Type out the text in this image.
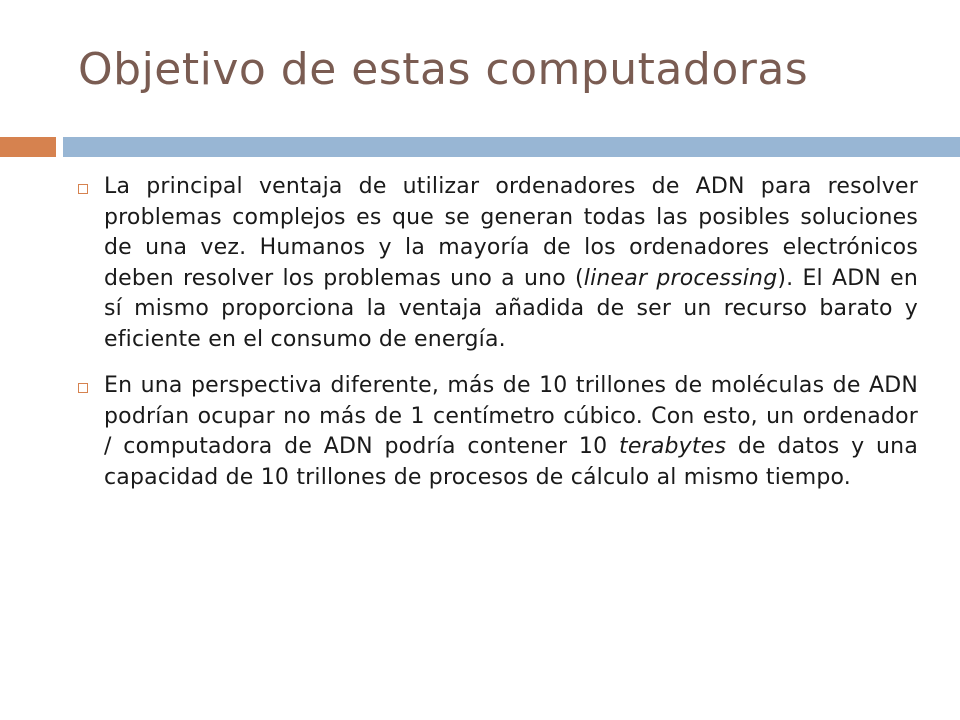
Objetivo de estas computadoras
La principal ventaja de utilizar ordenadores de ADN para resolver problemas complejos es que se generan todas las posibles soluciones de una vez. Humanos y la mayoría de los ordenadores electrónicos deben resolver los problemas uno a uno (linear processing). El ADN en sí mismo proporciona la ventaja añadida de ser un recurso barato y eficiente en el consumo de energía.
En una perspectiva diferente, más de 10 trillones de moléculas de ADN podrían ocupar no más de 1 centímetro cúbico. Con esto, un ordenador / computadora de ADN podría contener 10 terabytes de datos y una capacidad de 10 trillones de procesos de cálculo al mismo tiempo.
